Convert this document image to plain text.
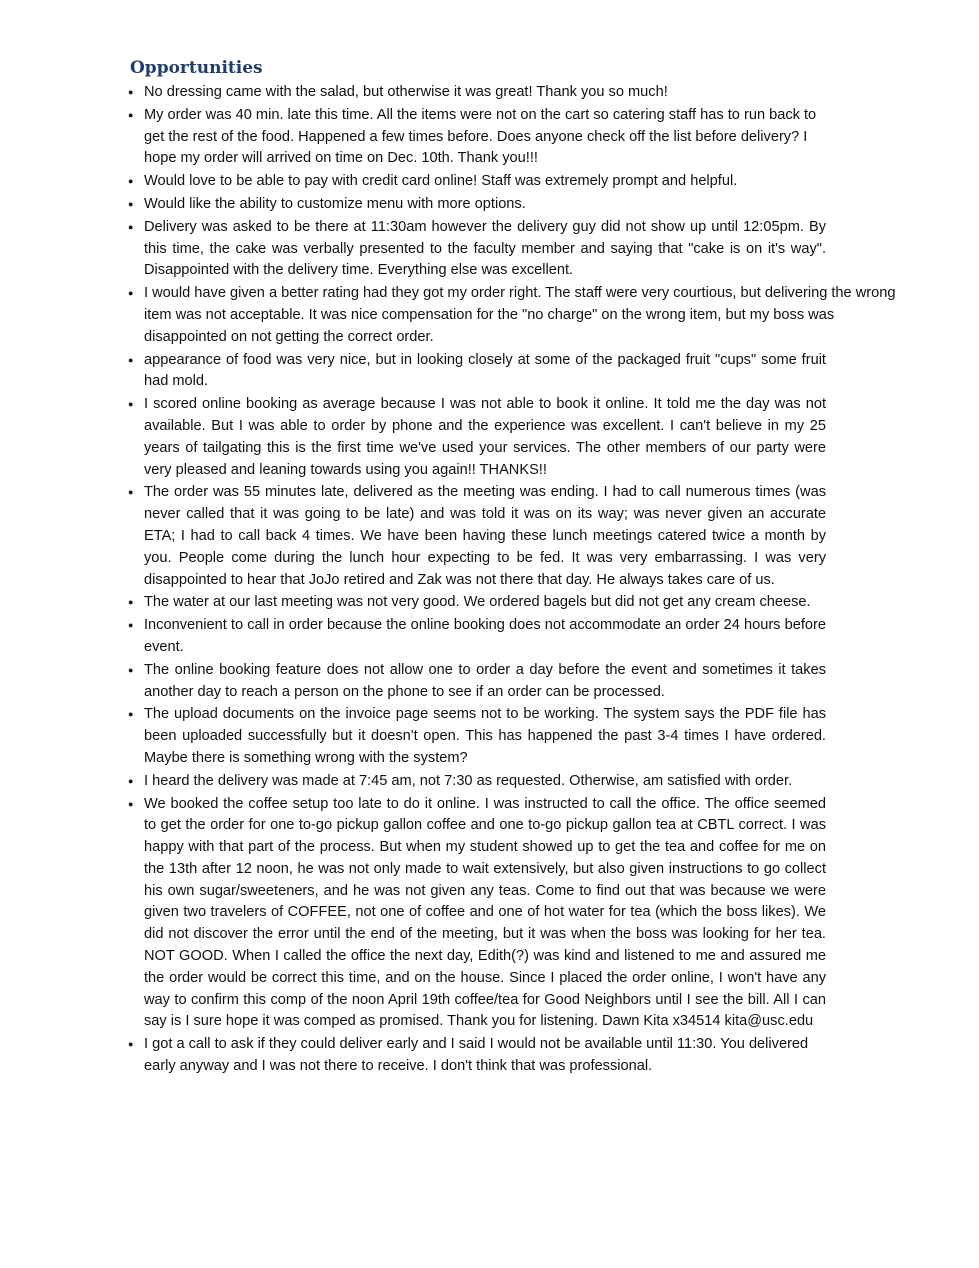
Opportunities
● No dressing came with the salad, but otherwise it was great! Thank you so much!
● My order was 40 min. late this time. All the items were not on the cart so catering staff has to run back to get the rest of the food. Happened a few times before. Does anyone check off the list before delivery? I hope my order will arrived on time on Dec. 10th. Thank you!!!
● Would love to be able to pay with credit card online! Staff was extremely prompt and helpful.
● Would like the ability to customize menu with more options.
● Delivery was asked to be there at 11:30am however the delivery guy did not show up until 12:05pm. By this time, the cake was verbally presented to the faculty member and saying that "cake is on it's way". Disappointed with the delivery time. Everything else was excellent.
● I would have given a better rating had they got my order right. The staff were very courtious, but delivering the wrong item was not acceptable. It was nice compensation for the "no charge" on the wrong item, but my boss was disappointed on not getting the correct order.
● appearance of food was very nice, but in looking closely at some of the packaged fruit "cups" some fruit had mold.
● I scored online booking as average because I was not able to book it online. It told me the day was not available. But I was able to order by phone and the experience was excellent. I can't believe in my 25 years of tailgating this is the first time we've used your services. The other members of our party were very pleased and leaning towards using you again!! THANKS!!
● The order was 55 minutes late, delivered as the meeting was ending. I had to call numerous times (was never called that it was going to be late) and was told it was on its way; was never given an accurate ETA; I had to call back 4 times. We have been having these lunch meetings catered twice a month by you. People come during the lunch hour expecting to be fed. It was very embarrassing. I was very disappointed to hear that JoJo retired and Zak was not there that day. He always takes care of us.
● The water at our last meeting was not very good. We ordered bagels but did not get any cream cheese.
● Inconvenient to call in order because the online booking does not accommodate an order 24 hours before event.
● The online booking feature does not allow one to order a day before the event and sometimes it takes another day to reach a person on the phone to see if an order can be processed.
● The upload documents on the invoice page seems not to be working. The system says the PDF file has been uploaded successfully but it doesn't open. This has happened the past 3-4 times I have ordered. Maybe there is something wrong with the system?
● I heard the delivery was made at 7:45 am, not 7:30 as requested. Otherwise, am satisfied with order.
● We booked the coffee setup too late to do it online. I was instructed to call the office. The office seemed to get the order for one to-go pickup gallon coffee and one to-go pickup gallon tea at CBTL correct. I was happy with that part of the process. But when my student showed up to get the tea and coffee for me on the 13th after 12 noon, he was not only made to wait extensively, but also given instructions to go collect his own sugar/sweeteners, and he was not given any teas. Come to find out that was because we were given two travelers of COFFEE, not one of coffee and one of hot water for tea (which the boss likes). We did not discover the error until the end of the meeting, but it was when the boss was looking for her tea. NOT GOOD. When I called the office the next day, Edith(?) was kind and listened to me and assured me the order would be correct this time, and on the house. Since I placed the order online, I won't have any way to confirm this comp of the noon April 19th coffee/tea for Good Neighbors until I see the bill. All I can say is I sure hope it was comped as promised. Thank you for listening. Dawn Kita x34514 kita@usc.edu
● I got a call to ask if they could deliver early and I said I would not be available until 11:30. You delivered early anyway and I was not there to receive. I don't think that was professional.
